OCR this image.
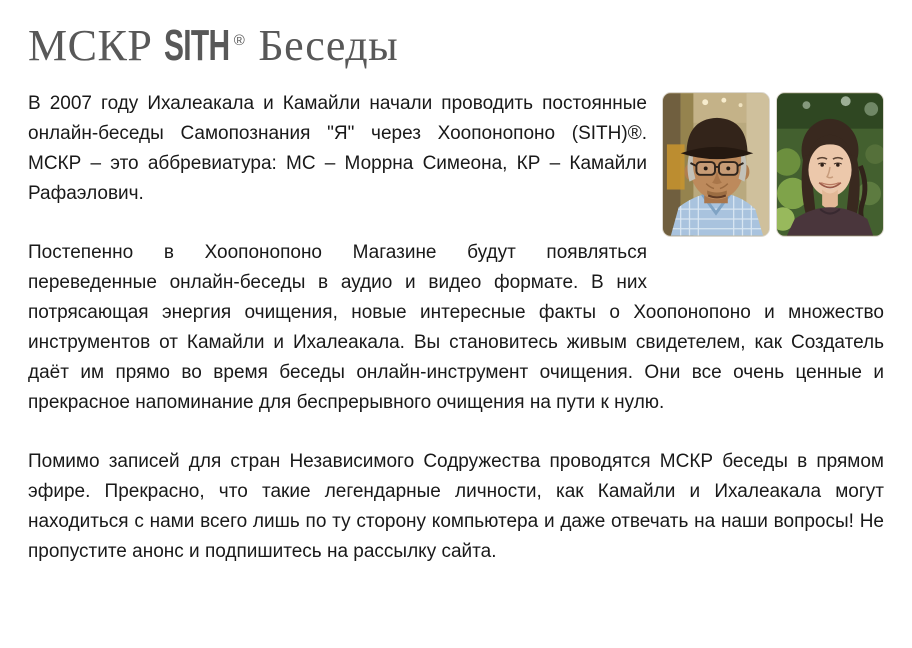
МСКР SITH ® Беседы

В 2007 году Ихалеакала и Камайли начали проводить постоянные онлайн-беседы Самопознания "Я" через Хоопонопоно (SITH)®. МСКР – это аббревиатура: МС – Моррна Симеона, КР – Камайли Рафаэлович.

Постепенно в Хоопонопоно Магазине будут появляться переведенные онлайн-беседы в аудио и видео формате. В них потрясающая энергия очищения, новые интересные факты о Хоопонопоно и множество инструментов от Камайли и Ихалеакала. Вы становитесь живым свидетелем, как Создатель даёт им прямо во время беседы онлайн-инструмент очищения. Они все очень ценные и прекрасное напоминание для беспрерывного очищения на пути к нулю.

Помимо записей для стран Независимого Содружества проводятся МСКР беседы в прямом эфире. Прекрасно, что такие легендарные личности, как Камайли и Ихалеакала могут находиться с нами всего лишь по ту сторону компьютера и даже отвечать на наши вопросы! Не пропустите анонс и подпишитесь на рассылку сайта.
